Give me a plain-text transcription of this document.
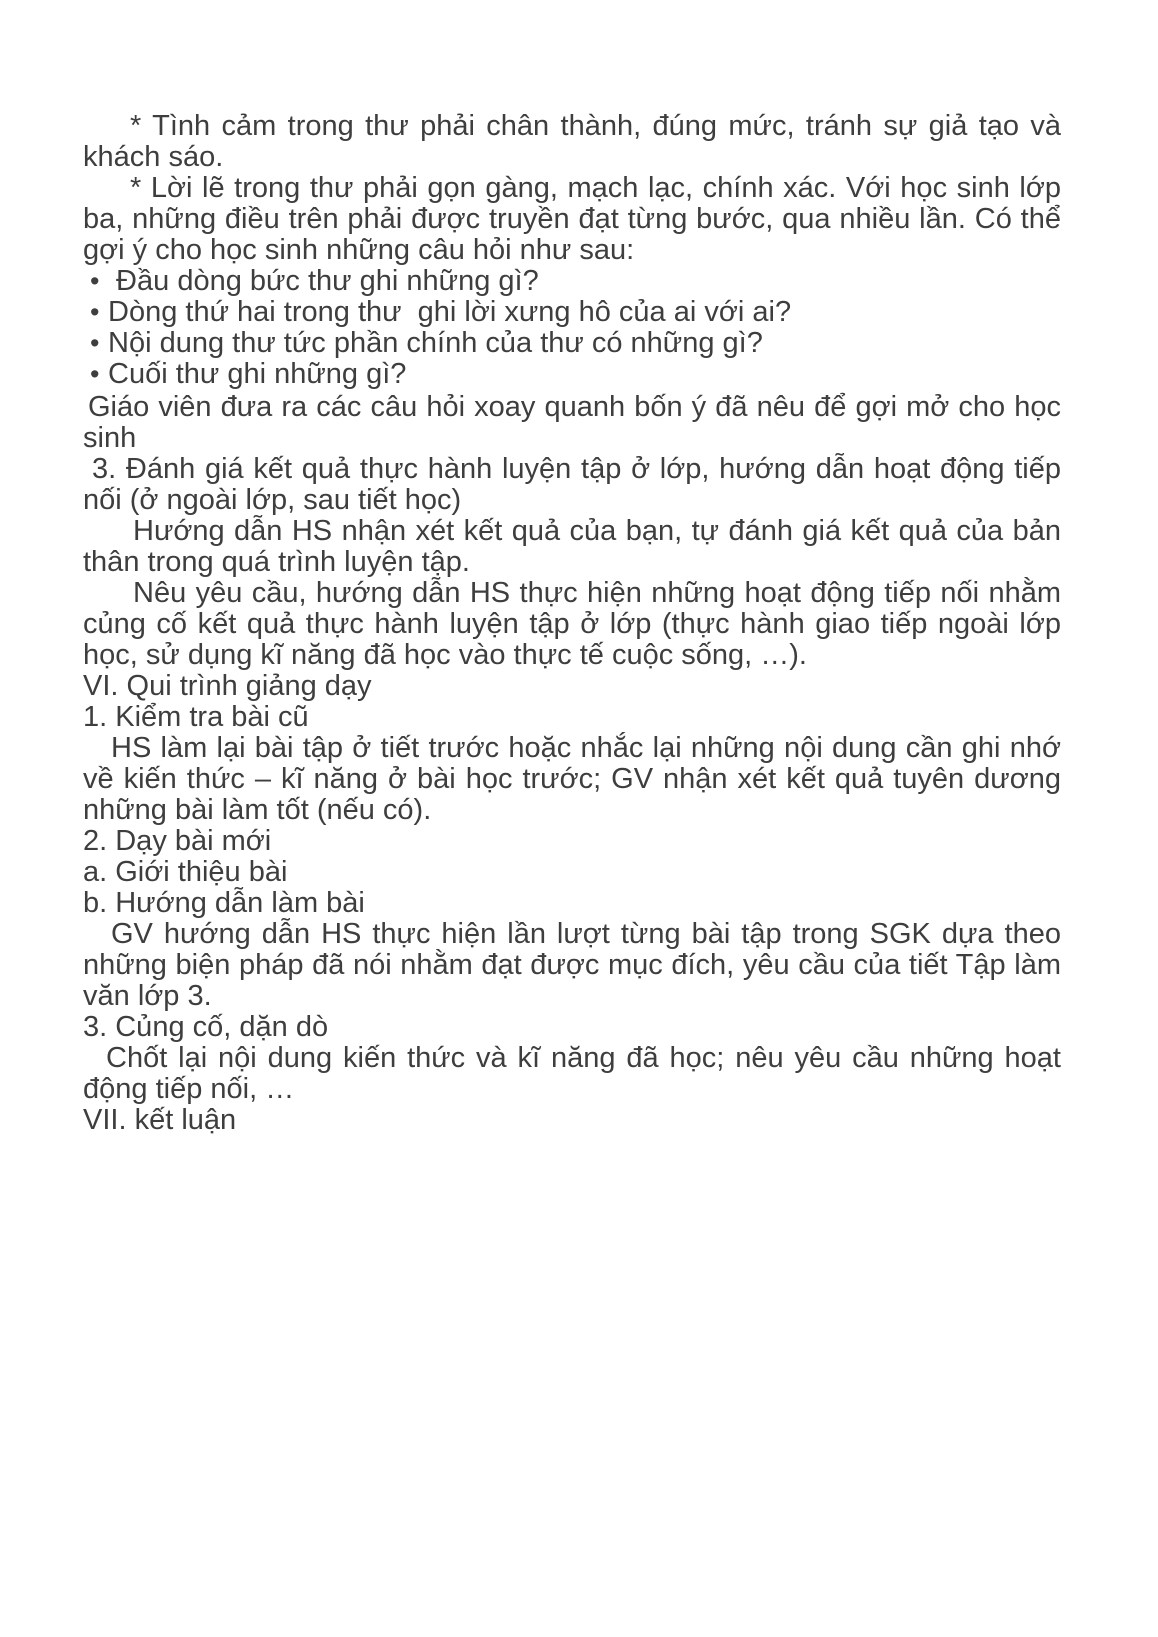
* Tình cảm trong thư phải chân thành, đúng mức, tránh sự giả tạo và khách sáo.

* Lời lẽ trong thư phải gọn gàng, mạch lạc, chính xác. Với học sinh lớp ba, những điều trên phải được truyền đạt từng bước, qua nhiều lần. Có thể gợi ý cho học sinh những câu hỏi như sau:

•  Đầu dòng bức thư ghi những gì?
• Dòng thứ hai trong thư  ghi lời xưng hô của ai với ai?
• Nội dung thư tức phần chính của thư có những gì?
• Cuối thư ghi những gì?

Giáo viên đưa ra các câu hỏi xoay quanh bốn ý đã nêu để gợi mở cho học sinh

3. Đánh giá kết quả thực hành luyện tập ở lớp, hướng dẫn hoạt động tiếp nối (ở ngoài lớp, sau tiết học)

Hướng dẫn HS nhận xét kết quả của bạn, tự đánh giá kết quả của bản thân trong quá trình luyện tập.

Nêu yêu cầu, hướng dẫn HS thực hiện những hoạt động tiếp nối nhằm củng cố kết quả thực hành luyện tập ở lớp (thực hành giao tiếp ngoài lớp học, sử dụng kĩ năng đã học vào thực tế cuộc sống, …).

VI. Qui trình giảng dạy

1. Kiểm tra bài cũ

HS làm lại bài tập ở tiết trước hoặc nhắc lại những nội dung cần ghi nhớ về kiến thức – kĩ năng ở bài học trước; GV nhận xét kết quả tuyên dương những bài làm tốt (nếu có).

2. Dạy bài mới

a. Giới thiệu bài

b. Hướng dẫn làm bài

GV hướng dẫn HS thực hiện lần lượt từng bài tập trong SGK dựa theo những biện pháp đã nói nhằm đạt được mục đích, yêu cầu của tiết Tập làm văn lớp 3.

3. Củng cố, dặn dò

Chốt lại nội dung kiến thức và kĩ năng đã học; nêu yêu cầu những hoạt động tiếp nối, …

VII. kết luận
